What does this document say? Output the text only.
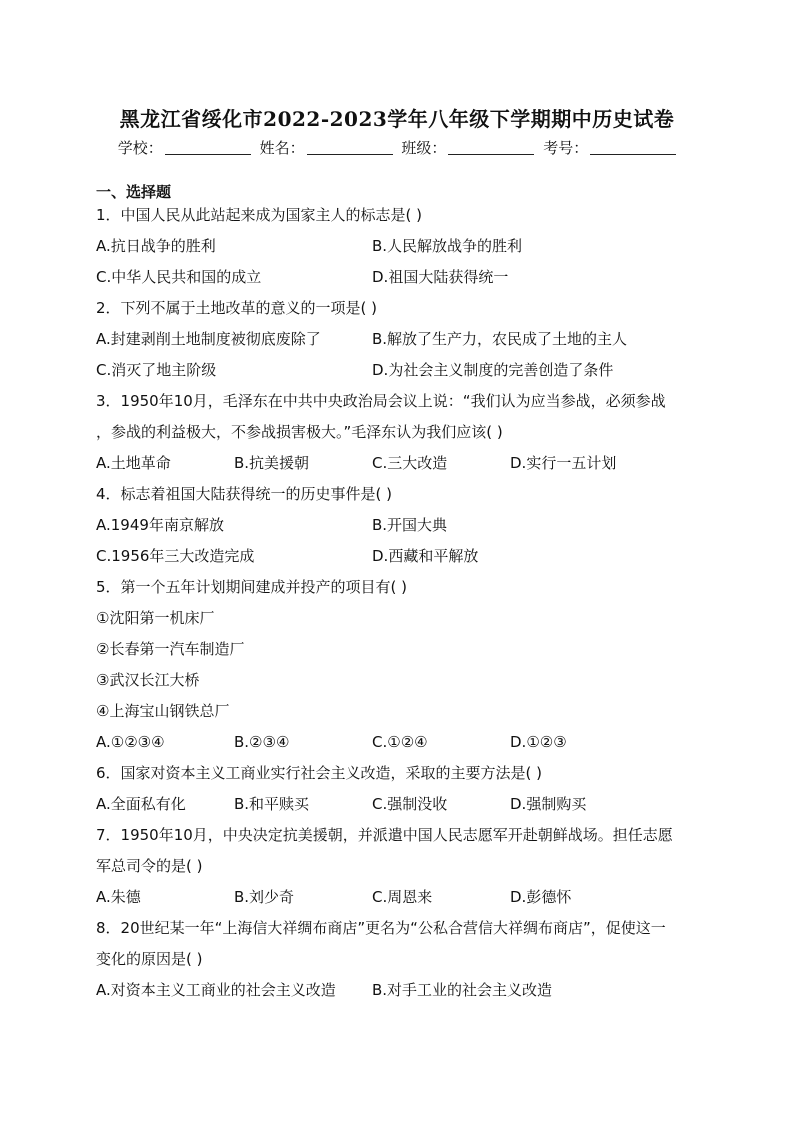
黑龙江省绥化市2022-2023学年八年级下学期期中历史试卷
学校：	姓名：	班级：	考号：
一、选择题
1．中国人民从此站起来成为国家主人的标志是( )
A.抗日战争的胜利	B.人民解放战争的胜利
C.中华人民共和国的成立	D.祖国大陆获得统一
2．下列不属于土地改革的意义的一项是( )
A.封建剥削土地制度被彻底废除了	B.解放了生产力，农民成了土地的主人
C.消灭了地主阶级	D.为社会主义制度的完善创造了条件
3．1950年10月，毛泽东在中共中央政治局会议上说：“我们认为应当参战，必须参战
，参战的利益极大，不参战损害极大。”毛泽东认为我们应该( )
A.土地革命	B.抗美援朝	C.三大改造	D.实行一五计划
4．标志着祖国大陆获得统一的历史事件是( )
A.1949年南京解放	B.开国大典
C.1956年三大改造完成	D.西藏和平解放
5．第一个五年计划期间建成并投产的项目有( )
①沈阳第一机床厂
②长春第一汽车制造厂
③武汉长江大桥
④上海宝山钢铁总厂
A.①②③④	B.②③④	C.①②④	D.①②③
6．国家对资本主义工商业实行社会主义改造，采取的主要方法是( )
A.全面私有化	B.和平赎买	C.强制没收	D.强制购买
7．1950年10月，中央决定抗美援朝，并派遣中国人民志愿军开赴朝鲜战场。担任志愿
军总司令的是( )
A.朱德	B.刘少奇	C.周恩来	D.彭德怀
8．20世纪某一年“上海信大祥绸布商店”更名为“公私合营信大祥绸布商店”，促使这一
变化的原因是( )
A.对资本主义工商业的社会主义改造 B.对手工业的社会主义改造
